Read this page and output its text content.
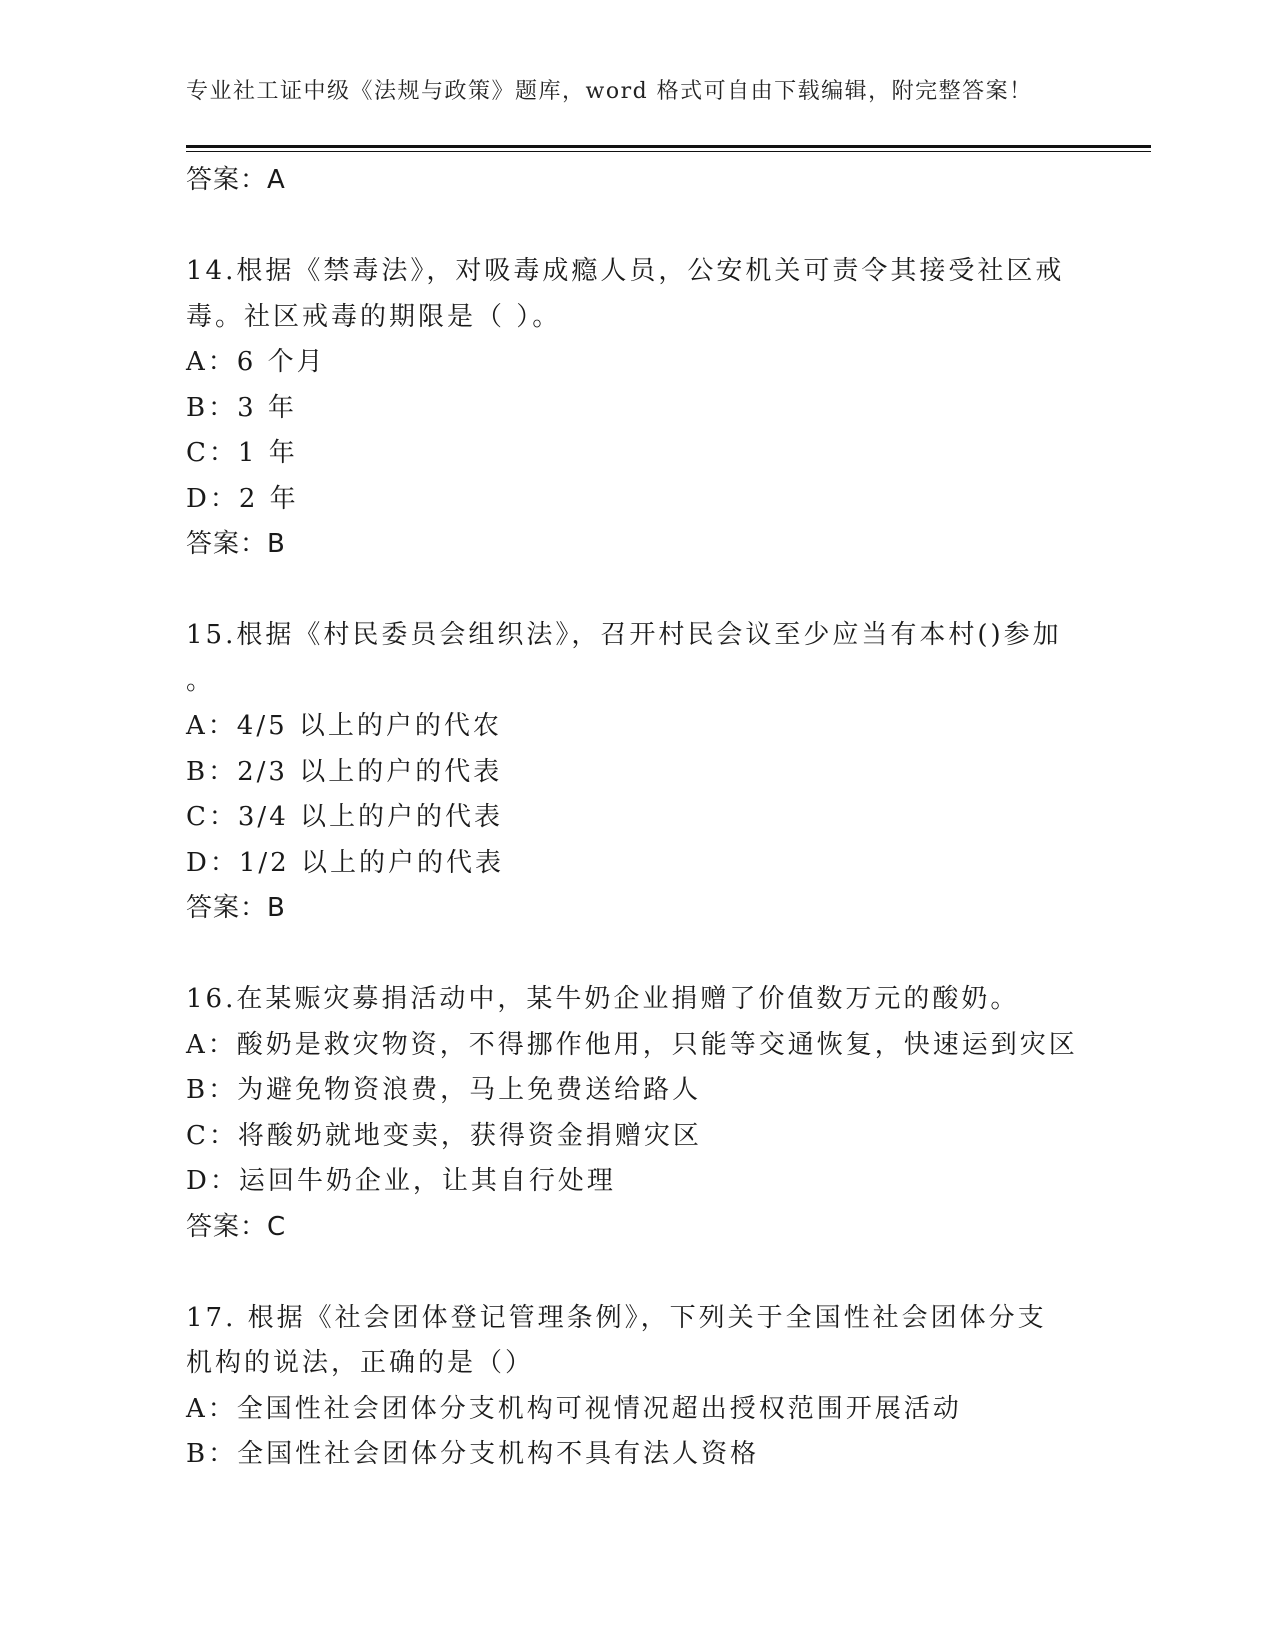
专业社工证中级《法规与政策》题库，word 格式可自由下载编辑，附完整答案！
答案：A
14.根据《禁毒法》，对吸毒成瘾人员，公安机关可责令其接受社区戒
毒。社区戒毒的期限是（ ）。
A：6 个月
B：3 年
C：1 年
D：2 年
答案：B
15.根据《村民委员会组织法》，召开村民会议至少应当有本村()参加
。
A：4/5 以上的户的代农
B：2/3 以上的户的代表
C：3/4 以上的户的代表
D：1/2 以上的户的代表
答案：B
16.在某赈灾募捐活动中，某牛奶企业捐赠了价值数万元的酸奶。
A：酸奶是救灾物资，不得挪作他用，只能等交通恢复，快速运到灾区
B：为避免物资浪费，马上免费送给路人
C：将酸奶就地变卖，获得资金捐赠灾区
D：运回牛奶企业，让其自行处理
答案：C
17. 根据《社会团体登记管理条例》，下列关于全国性社会团体分支
机构的说法，正确的是（）
A：全国性社会团体分支机构可视情况超出授权范围开展活动
B：全国性社会团体分支机构不具有法人资格
